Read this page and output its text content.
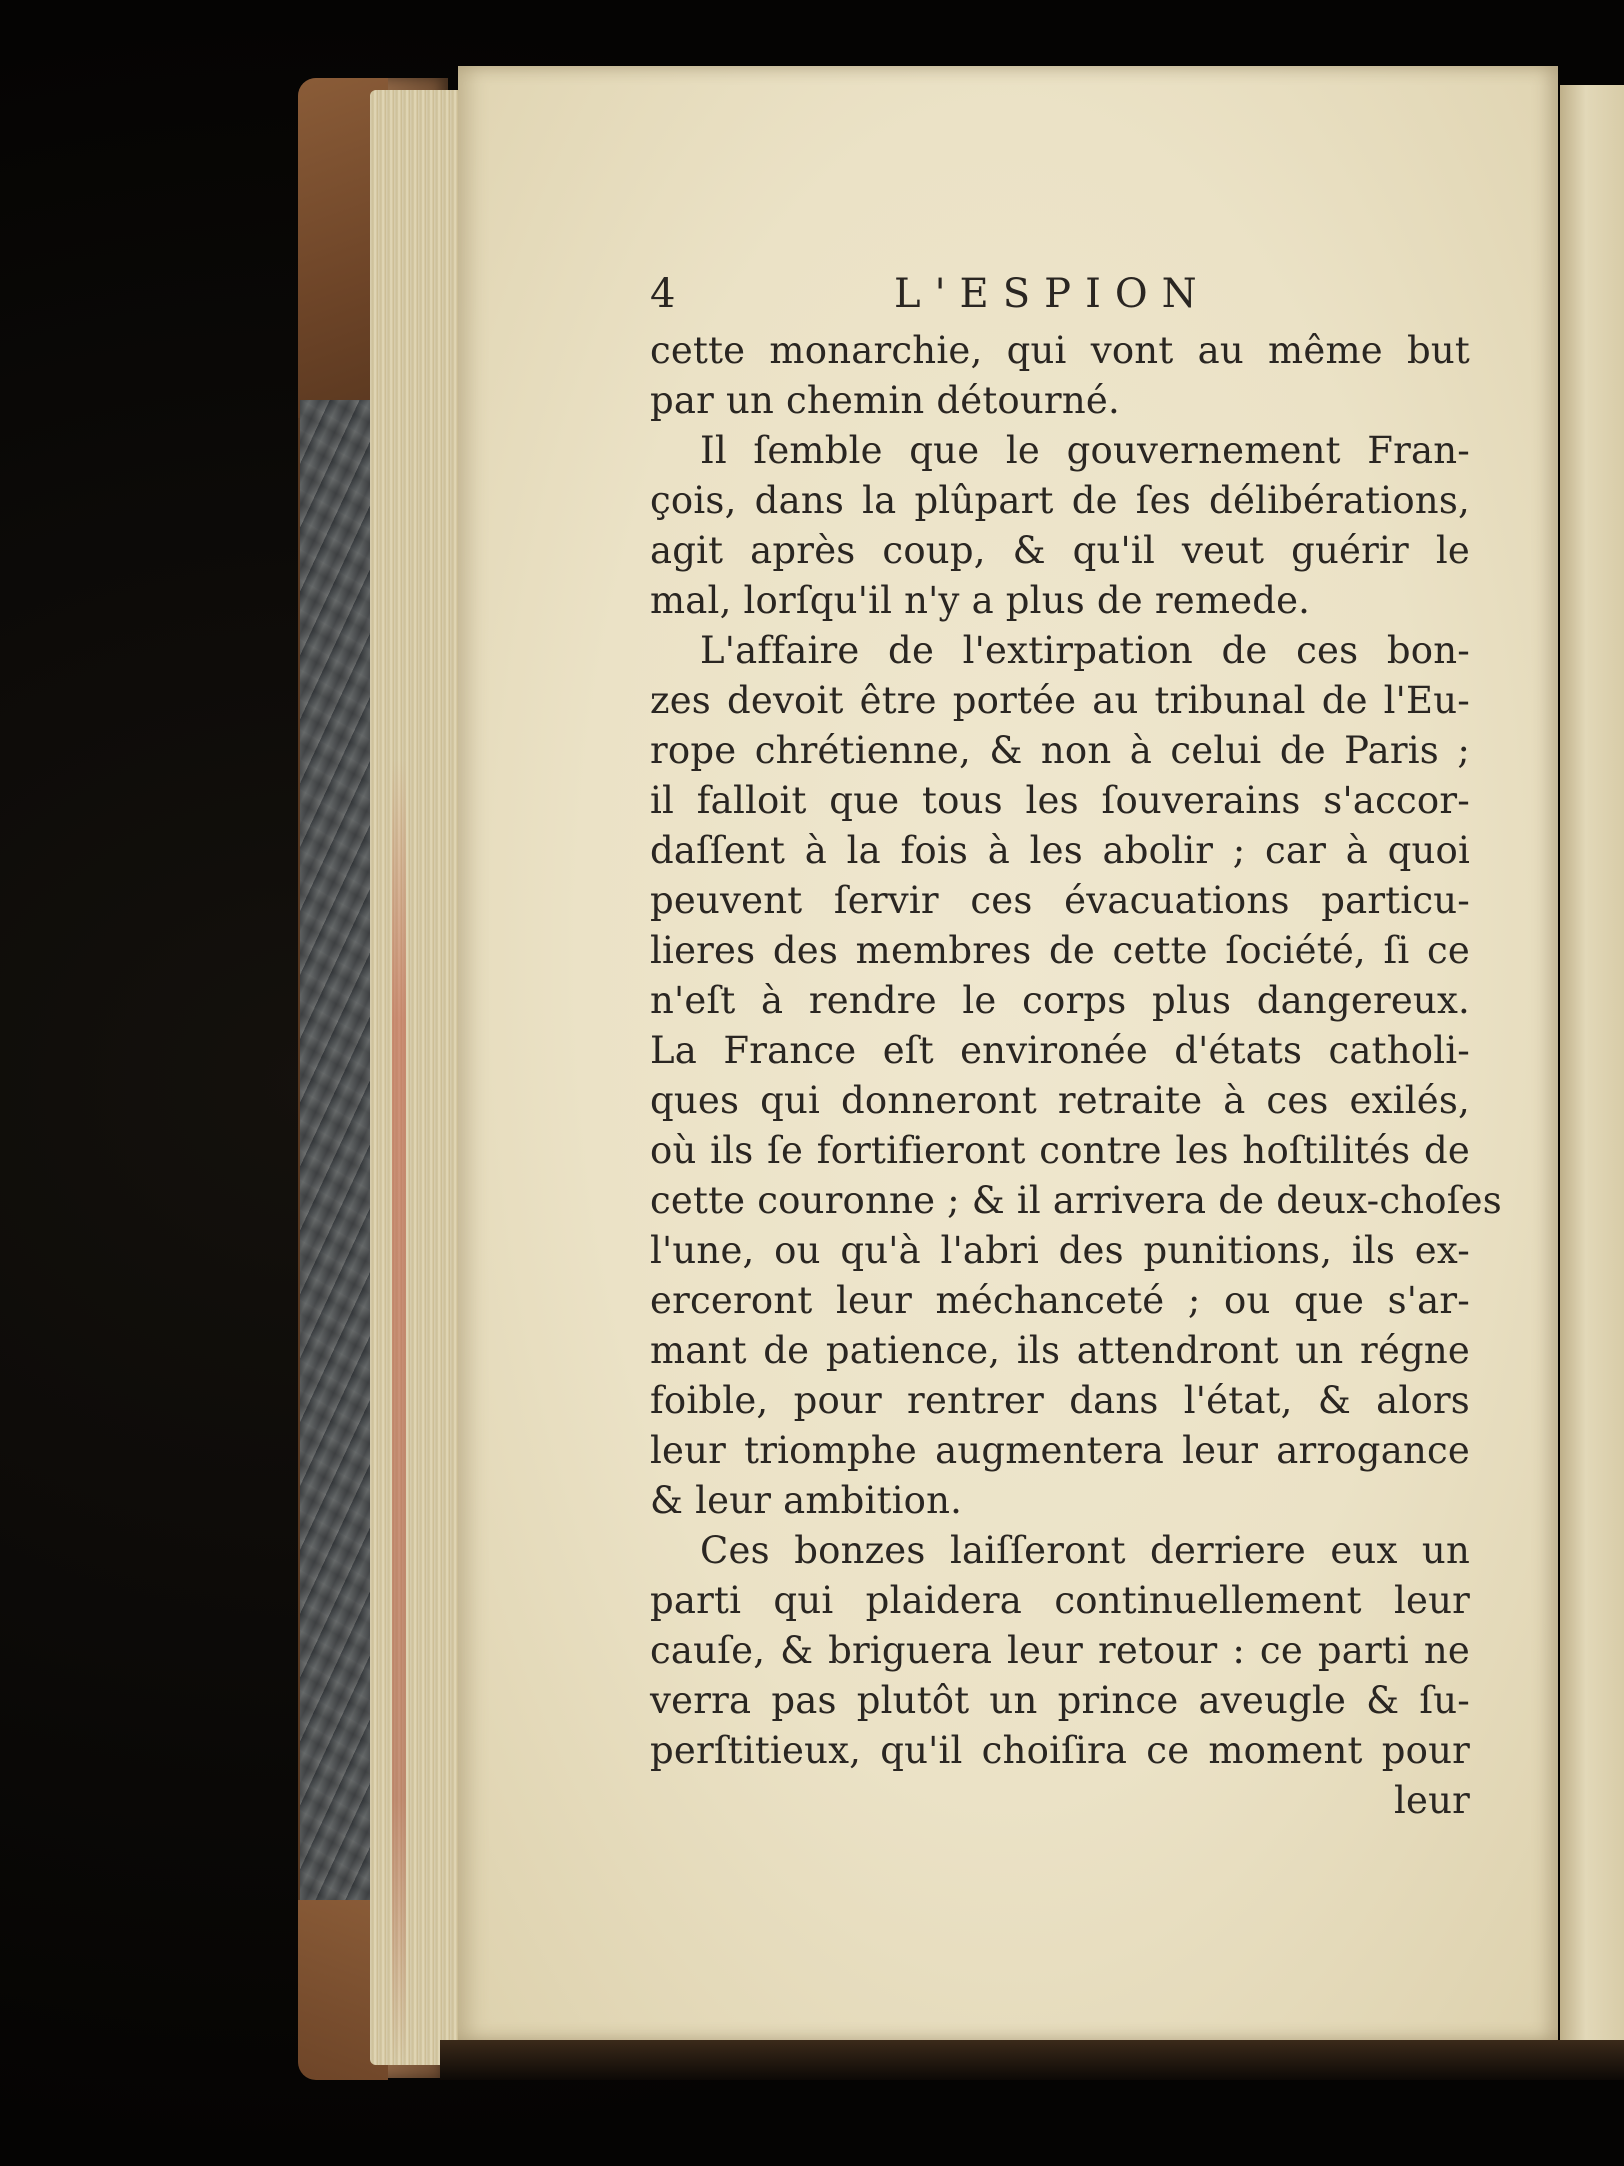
4	L'ESPION
cette monarchie, qui vont au même but
par un chemin détourné.
Il ſemble que le gouvernement Fran-
çois, dans la plûpart de ſes délibérations,
agit après coup, & qu'il veut guérir le
mal, lorſqu'il n'y a plus de remede.
L'affaire de l'extirpation de ces bon-
zes devoit être portée au tribunal de l'Eu-
rope chrétienne, & non à celui de Paris ;
il falloit que tous les ſouverains s'accor-
daſſent à la fois à les abolir ; car à quoi
peuvent ſervir ces évacuations particu-
lieres des membres de cette ſociété, ſi ce
n'eſt à rendre le corps plus dangereux.
La France eſt environée d'états catholi-
ques qui donneront retraite à ces exilés,
où ils ſe fortifieront contre les hoſtilités de
cette couronne ; & il arrivera de deux-choſes
l'une, ou qu'à l'abri des punitions, ils ex-
erceront leur méchanceté ; ou que s'ar-
mant de patience, ils attendront un régne
foible, pour rentrer dans l'état, & alors
leur triomphe augmentera leur arrogance
& leur ambition.
Ces bonzes laiſſeront derriere eux un
parti qui plaidera continuellement leur
cauſe, & briguera leur retour : ce parti ne
verra pas plutôt un prince aveugle & ſu-
perſtitieux, qu'il choiſira ce moment pour
leur
